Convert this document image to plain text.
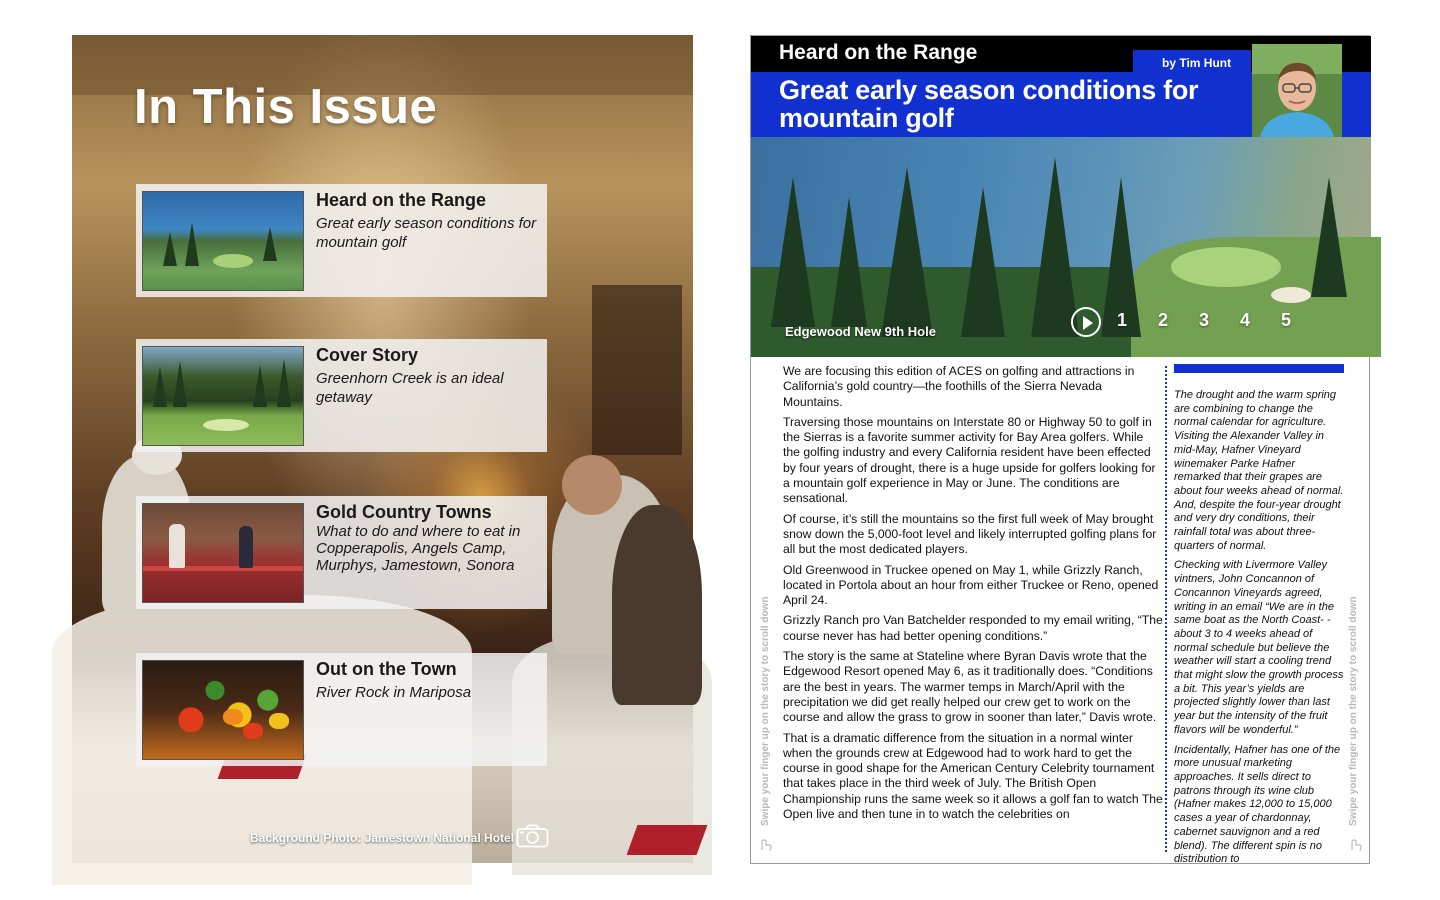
In This Issue
Heard on the Range
Great early season conditions for mountain golf
Cover Story
Greenhorn Creek is an ideal getaway
Gold Country Towns
What to do and where to eat in Copperapolis, Angels Camp, Murphys, Jamestown, Sonora
Out on the Town
River Rock in Mariposa
Background Photo: Jamestown National Hotel
Heard on the Range	by Tim Hunt
Great early season conditions for mountain golf
Edgewood New 9th Hole
1 2 3 4 5

We are focusing this edition of ACES on golfing and attractions in California’s gold country—the foothills of the Sierra Nevada Mountains.

Traversing those mountains on Interstate 80 or Highway 50 to golf in the Sierras is a favorite summer activity for Bay Area golfers. While the golfing industry and every California resident have been effected by four years of drought, there is a huge upside for golfers looking for a mountain golf experience in May or June. The conditions are sensational.

Of course, it’s still the mountains so the first full week of May brought snow down the 5,000-foot level and likely interrupted golfing plans for all but the most dedicated players.

Old Greenwood in Truckee opened on May 1, while Grizzly Ranch, located in Portola about an hour from either Truckee or Reno, opened April 24.

Grizzly Ranch pro Van Batchelder responded to my email writing, “The course never has had better opening conditions.”

The story is the same at Stateline where Byran Davis wrote that the Edgewood Resort opened May 6, as it traditionally does. “Conditions are the best in years. The warmer temps in March/April with the precipitation we did get really helped our crew get to work on the course and allow the grass to grow in sooner than later,” Davis wrote.

That is a dramatic difference from the situation in a normal winter when the grounds crew at Edgewood had to work hard to get the course in good shape for the American Century Celebrity tournament that takes place in the third week of July. The British Open Championship runs the same week so it allows a golf fan to watch The Open live and then tune in to watch the celebrities on

The drought and the warm spring are combining to change the normal calendar for agriculture. Visiting the Alexander Valley in mid-May, Hafner Vineyard winemaker Parke Hafner remarked that their grapes are about four weeks ahead of normal. And, despite the four-year drought and very dry conditions, their rainfall total was about three-quarters of normal.

Checking with Livermore Valley vintners, John Concannon of Concannon Vineyards agreed, writing in an email “We are in the same boat as the North Coast- -about 3 to 4 weeks ahead of normal schedule but believe the weather will start a cooling trend that might slow the growth process a bit. This year’s yields are projected slightly lower than last year but the intensity of the fruit flavors will be wonderful.”

Incidentally, Hafner has one of the more unusual marketing approaches. It sells direct to patrons through its wine club (Hafner makes 12,000 to 15,000 cases a year of chardonnay, cabernet sauvignon and a red blend). The different spin is no distribution to

Swipe your finger up on the story to scroll down	Swipe your finger up on the story to scroll down
